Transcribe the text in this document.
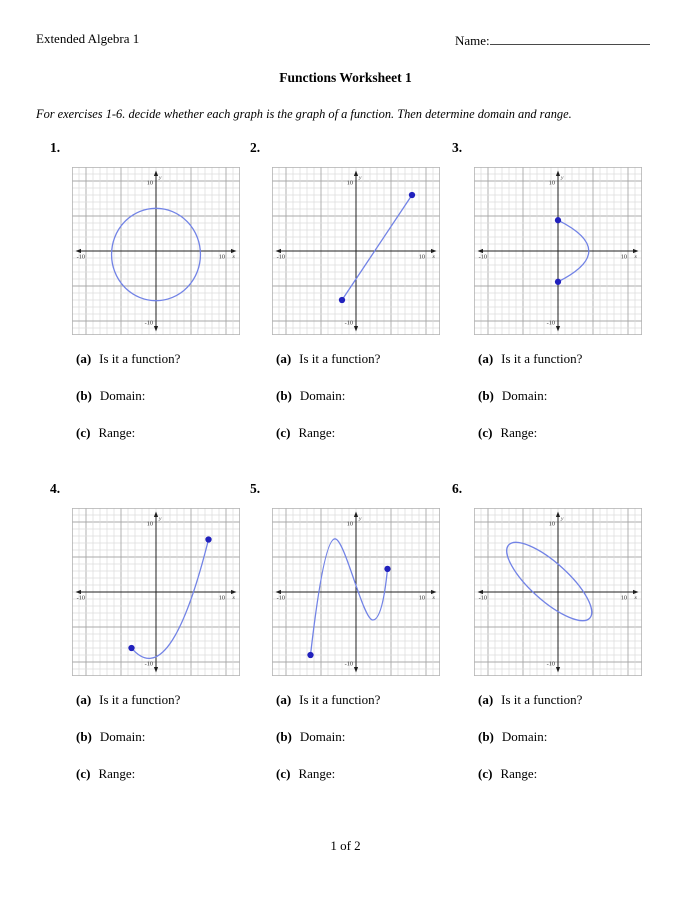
Extended Algebra 1	Name:
Functions Worksheet 1
For exercises 1-6. decide whether each graph is the graph of a function. Then determine domain and range.
1.
10
-10
-10	10
y
x
(a) Is it a function?
(b) Domain:
(c) Range:
2.
10
-10
-10	10
y
x
(a) Is it a function?
(b) Domain:
(c) Range:
3.
10
-10
-10	10
y
x
(a) Is it a function?
(b) Domain:
(c) Range:
4.
10
-10
-10	10
y
x
(a) Is it a function?
(b) Domain:
(c) Range:
5.
10
-10
-10	10
y
x
(a) Is it a function?
(b) Domain:
(c) Range:
6.
10
-10
-10	10
y
x
(a) Is it a function?
(b) Domain:
(c) Range:
1 of 2
